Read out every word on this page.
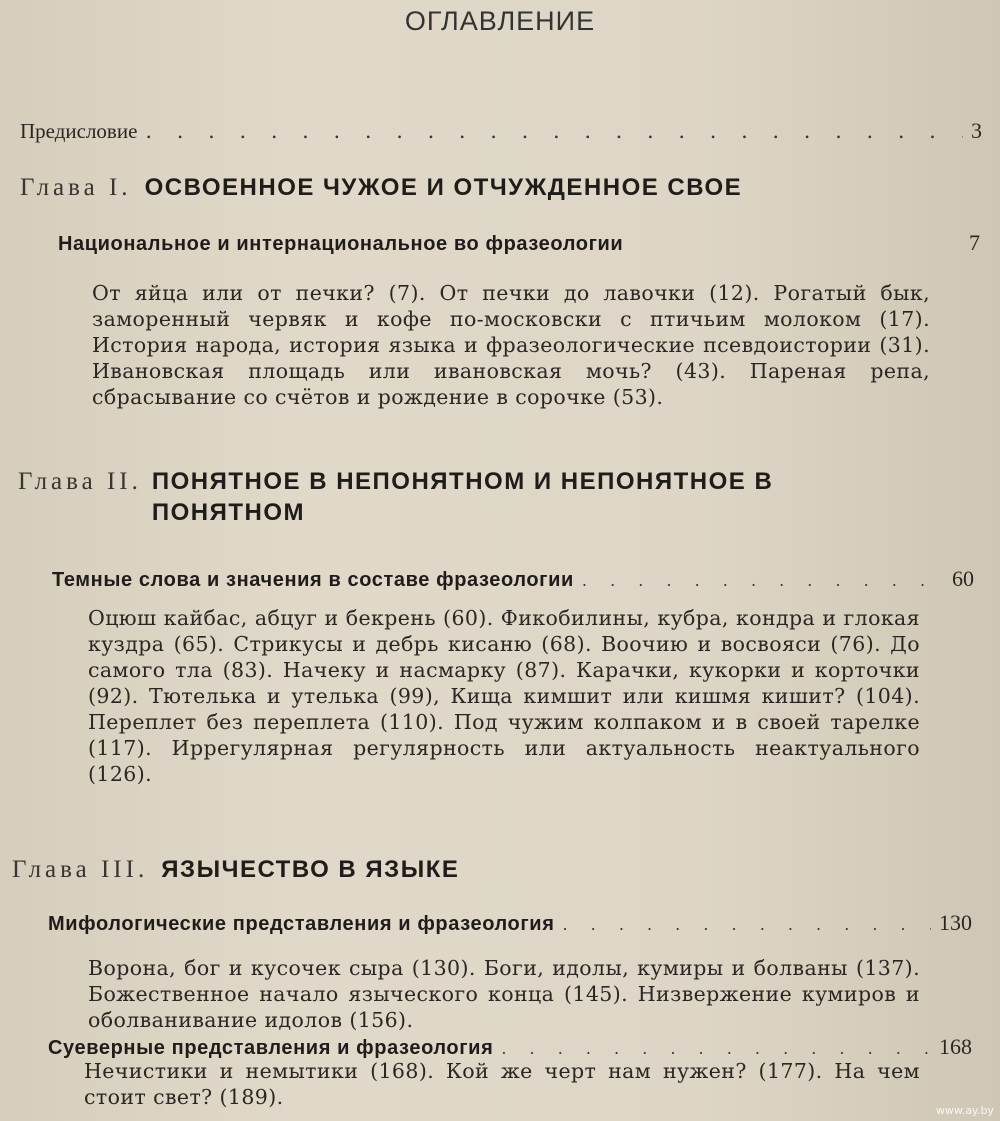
ОГЛАВЛЕНИЕ
Предисловие . . .	3
Глава I. ОСВОЕННОЕ ЧУЖОЕ И ОТЧУЖДЕННОЕ СВОЕ
Национальное и интернациональное во фразеологии	7
От яйца или от печки? (7). От печки до лавочки (12). Рогатый бык, заморенный червяк и кофе по-московски с птичьим молоком (17). История народа, история языка и фразеологические псевдоистории (31). Ивановская площадь или ивановская мочь? (43). Пареная репа, сбрасывание со счётов и рождение в сорочке (53).
Глава II. ПОНЯТНОЕ В НЕПОНЯТНОМ И НЕПОНЯТНОЕ В ПОНЯТНОМ
Темные слова и значения в составе фразеологии . . .	60
Оцюш кайбас, абцуг и бекрень (60). Фикобилины, кубра, кондра и глокая куздра (65). Стрикусы и дебрь кисаню (68). Воочию и восвояси (76). До самого тла (83). Начеку и насмарку (87). Карачки, кукорки и корточки (92). Тютелька и утелька (99), Кища кимшит или кишмя кишит? (104). Переплет без переплета (110). Под чужим колпаком и в своей тарелке (117). Иррегулярная регулярность или актуальность неактуального (126).
Глава III. ЯЗЫЧЕСТВО В ЯЗЫКЕ
Мифологические представления и фразеология . . .	130
Ворона, бог и кусочек сыра (130). Боги, идолы, кумиры и болваны (137). Божественное начало языческого конца (145). Низвержение кумиров и оболванивание идолов (156).
Суеверные представления и фразеология . . .	168
Нечистики и немытики (168). Кой же черт нам нужен? (177). На чем стоит свет? (189).
www.ay.by
